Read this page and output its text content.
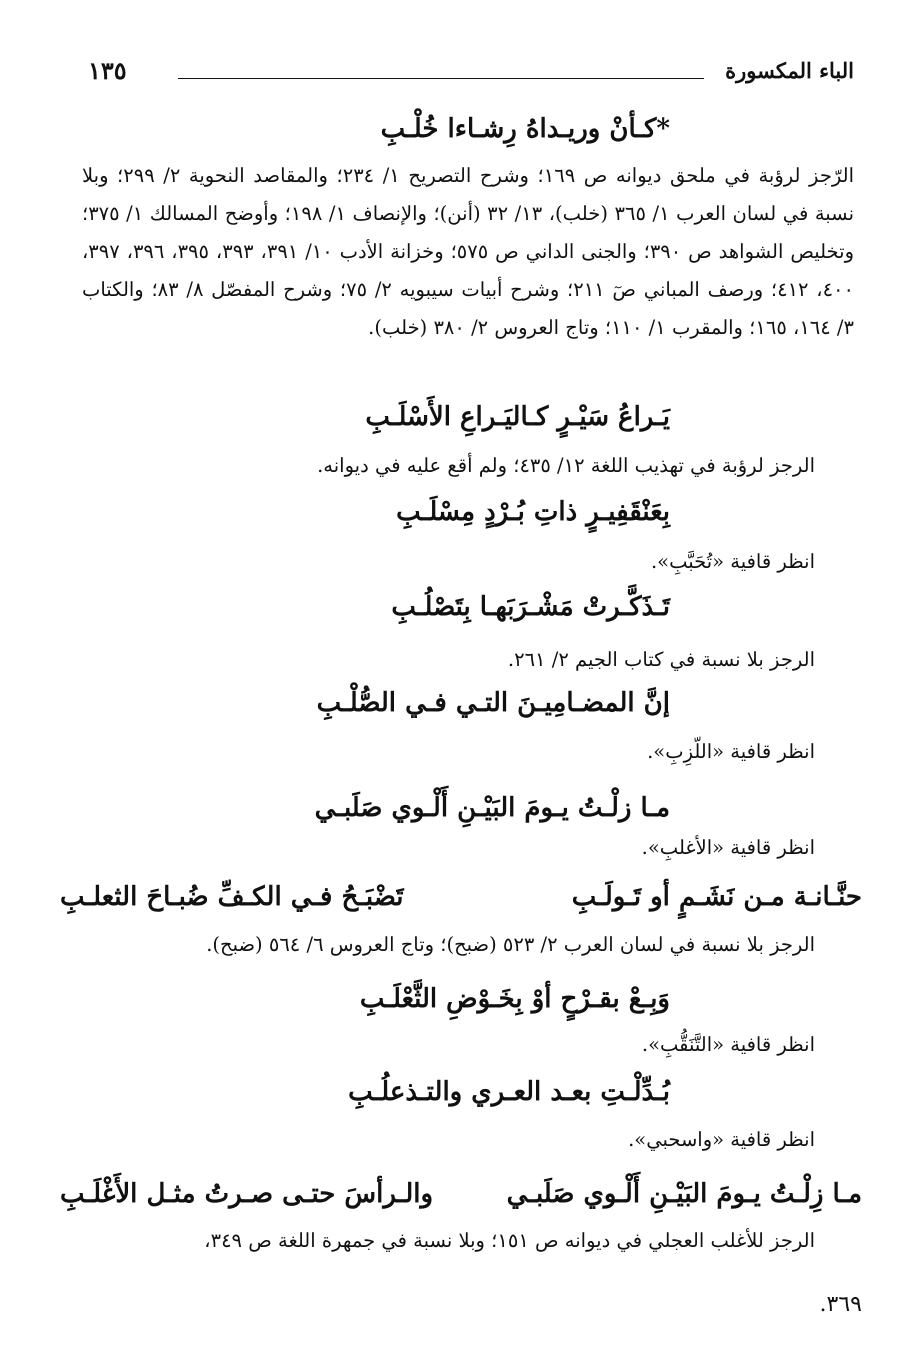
الباء المكسورة
١٣٥
*كـأنْ وريـداهُ رِشـاءا خُلْـبِ
الرّجز لرؤبة في ملحق ديوانه ص ١٦٩؛ وشرح التصريح ١/ ٢٣٤؛ والمقاصد النحوية ٢/ ٢٩٩؛ وبلا نسبة في لسان العرب ١/ ٣٦٥ (خلب)، ١٣/ ٣٢ (أنن)؛ والإنصاف ١/ ١٩٨؛ وأوضح المسالك ١/ ٣٧٥؛ وتخليص الشواهد ص ٣٩٠؛ والجنى الداني ص ٥٧٥؛ وخزانة الأدب ١٠/ ٣٩١، ٣٩٣، ٣٩٥، ٣٩٦، ٣٩٧، ٤٠٠، ٤١٢؛ ورصف المباني صٓ ٢١١؛ وشرح أبيات سيبويه ٢/ ٧٥؛ وشرح المفصّل ٨/ ٨٣؛ والكتاب ٣/ ١٦٤، ١٦٥؛ والمقرب ١/ ١١٠؛ وتاج العروس ٢/ ٣٨٠ (خلب).
يَـراعُ سَيْـرٍ كـاليَـراعِ الأَسْلَـبِ
الرجز لرؤبة في تهذيب اللغة ١٢/ ٤٣٥؛ ولم أقع عليه في ديوانه.
بِعَنْقَفِيـرٍ ذاتِ بُـرْدٍ مِسْلَـبِ
انظر قافية «تُحَبَّبِ».
تَـذَكَّـرتْ مَشْـرَبَهـا بِتَصْلُـبِ
الرجز بلا نسبة في كتاب الجيم ٢/ ٢٦١.
إنَّ المضـامِيـنَ التـي فـي الصُّلْـبِ
انظر قافية «اللّزِبِ».
مـا زلْـتُ يـومَ البَيْـنِ أَلْـوي صَلَبـي
انظر قافية «الأغلبِ».
حنَّـانـة مـن نَشَـمٍ أو تَـولَـبِ
تَضْبَـحُ فـي الكـفِّ ضُبـاحَ الثعلـبِ
الرجز بلا نسبة في لسان العرب ٢/ ٥٢٣ (ضبح)؛ وتاج العروس ٦/ ٥٦٤ (ضبح).
وَبِـعْ بقـرْحٍ أوْ بِخَـوْضِ الثَّعْلَـبِ
انظر قافية «التَّنَقُّبِ».
بُـدِّلْـتِ بعـد العـري والتـذعلُـبِ
انظر قافية «واسحبي».
مـا زِلْـتُ يـومَ البَيْـنِ أَلْـوي صَلَبـي
والـرأسَ حتـى صـرتُ مثـل الأَغْلَـبِ
الرجز للأغلب العجلي في ديوانه ص ١٥١؛ وبلا نسبة في جمهرة اللغة ص ٣٤٩،
٣٦٩.
